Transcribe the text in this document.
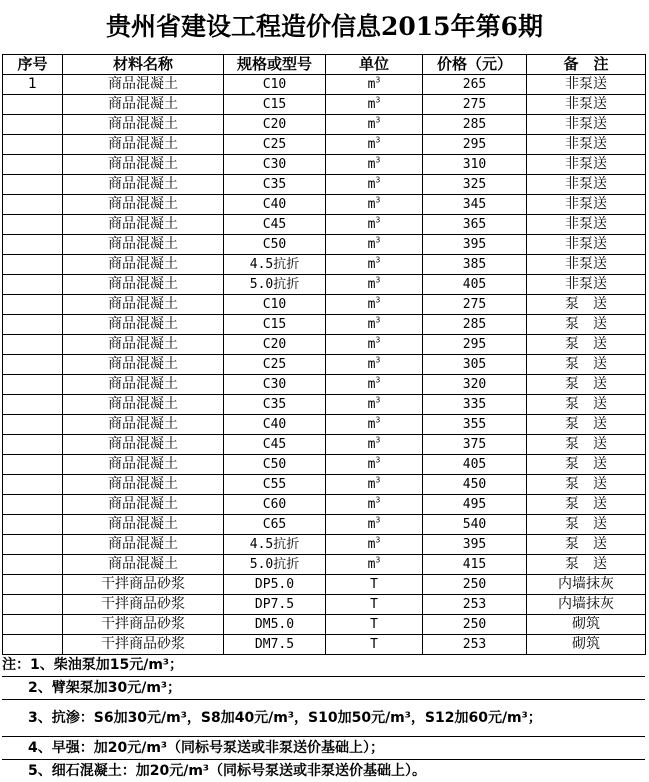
贵州省建设工程造价信息2015年第6期
序号	材料名称	规格或型号	单位	价格（元）	备　注
1	商品混凝土	C10	$m^3$	265	非泵送
	商品混凝土	C15	$m^3$	275	非泵送
	商品混凝土	C20	$m^3$	285	非泵送
	商品混凝土	C25	$m^3$	295	非泵送
	商品混凝土	C30	$m^3$	310	非泵送
	商品混凝土	C35	$m^3$	325	非泵送
	商品混凝土	C40	$m^3$	345	非泵送
	商品混凝土	C45	$m^3$	365	非泵送
	商品混凝土	C50	$m^3$	395	非泵送
	商品混凝土	4.5抗折	$m^3$	385	非泵送
	商品混凝土	5.0抗折	$m^3$	405	非泵送
	商品混凝土	C10	$m^3$	275	泵　送
	商品混凝土	C15	$m^3$	285	泵　送
	商品混凝土	C20	$m^3$	295	泵　送
	商品混凝土	C25	$m^3$	305	泵　送
	商品混凝土	C30	$m^3$	320	泵　送
	商品混凝土	C35	$m^3$	335	泵　送
	商品混凝土	C40	$m^3$	355	泵　送
	商品混凝土	C45	$m^3$	375	泵　送
	商品混凝土	C50	$m^3$	405	泵　送
	商品混凝土	C55	$m^3$	450	泵　送
	商品混凝土	C60	$m^3$	495	泵　送
	商品混凝土	C65	$m^3$	540	泵　送
	商品混凝土	4.5抗折	$m^3$	395	泵　送
	商品混凝土	5.0抗折	$m^3$	415	泵　送
	干拌商品砂浆	DP5.0	T	250	内墙抹灰
	干拌商品砂浆	DP7.5	T	253	内墙抹灰
	干拌商品砂浆	DM5.0	T	250	砌筑
	干拌商品砂浆	DM7.5	T	253	砌筑
注：1、柴油泵加15元/m³；
2、臂架泵加30元/m³；
3、抗渗：S6加30元/m³，S8加40元/m³，S10加50元/m³，S12加60元/m³；
4、早强：加20元/m³（同标号泵送或非泵送价基础上）；
5、细石混凝土：加20元/m³（同标号泵送或非泵送价基础上）。
